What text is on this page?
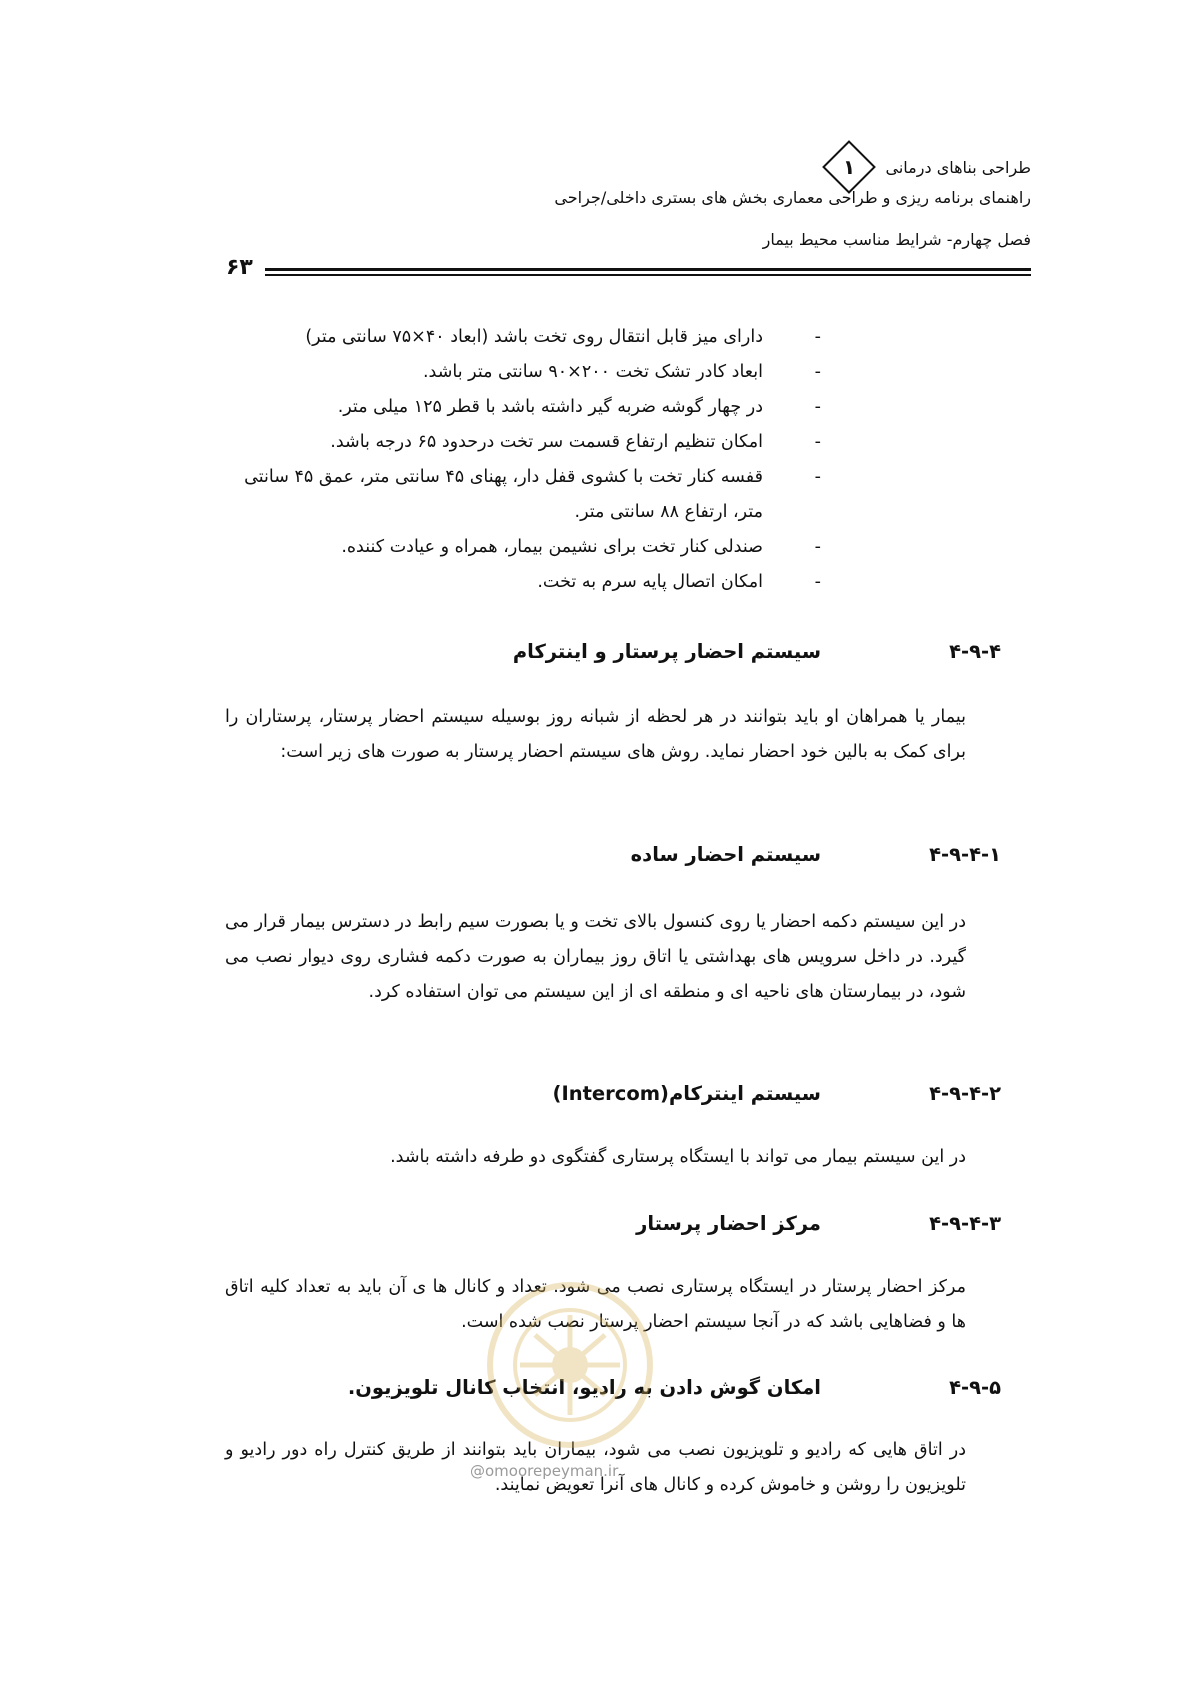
طراحی بناهای درمانی
۱
راهنمای برنامه ریزی و طراحی معماری بخش های بستری داخلی/جراحی
فصل چهارم- شرایط مناسب محیط بیمار
۶۳
-
دارای میز قابل انتقال روی تخت باشد (ابعاد ۴۰×۷۵ سانتی متر)
-
ابعاد کادر تشک تخت ۲۰۰×۹۰ سانتی متر باشد.
-
در چهار گوشه ضربه گیر داشته باشد با قطر ۱۲۵ میلی متر.
-
امکان تنظیم ارتفاع قسمت سر تخت درحدود ۶۵ درجه باشد.
-
قفسه کنار تخت با کشوی قفل دار، پهنای ۴۵ سانتی متر، عمق ۴۵ سانتی متر، ارتفاع ۸۸ سانتی متر.
-
صندلی کنار تخت برای نشیمن بیمار، همراه و عیادت کننده.
-
امکان اتصال پایه سرم به تخت.
۴-۹-۴
سیستم احضار پرستار و اینترکام

بیمار یا همراهان او باید بتوانند در هر لحظه از شبانه روز بوسیله سیستم احضار پرستار، پرستاران را برای کمک به بالین خود احضار نماید. روش های سیستم احضار پرستار به صورت های زیر است:

۴-۹-۴-۱
سیستم احضار ساده

در این سیستم دکمه احضار یا روی کنسول بالای تخت و یا بصورت سیم رابط در دسترس بیمار قرار می گیرد. در داخل سرویس های بهداشتی یا اتاق روز بیماران به صورت دکمه فشاری روی دیوار نصب می شود، در بیمارستان های ناحیه ای و منطقه ای از این سیستم می توان استفاده کرد.

۴-۹-۴-۲
سیستم اینترکام(Intercom)

در این سیستم بیمار می تواند با ایستگاه پرستاری گفتگوی دو طرفه داشته باشد.

۴-۹-۴-۳
مرکز احضار پرستار

مرکز احضار پرستار در ایستگاه پرستاری نصب می شود. تعداد و کانال ها ی آن باید به تعداد کلیه اتاق ها و فضاهایی باشد که در آنجا سیستم احضار پرستار نصب شده است.

۴-۹-۵
امکان گوش دادن به رادیو، انتخاب کانال تلویزیون.

در اتاق هایی که رادیو و تلویزیون نصب می شود، بیماران باید بتوانند از طریق کنترل راه دور رادیو و تلویزیون را روشن و خاموش کرده و کانال های آنرا تعویض نمایند.

@omoorepeyman.ir
